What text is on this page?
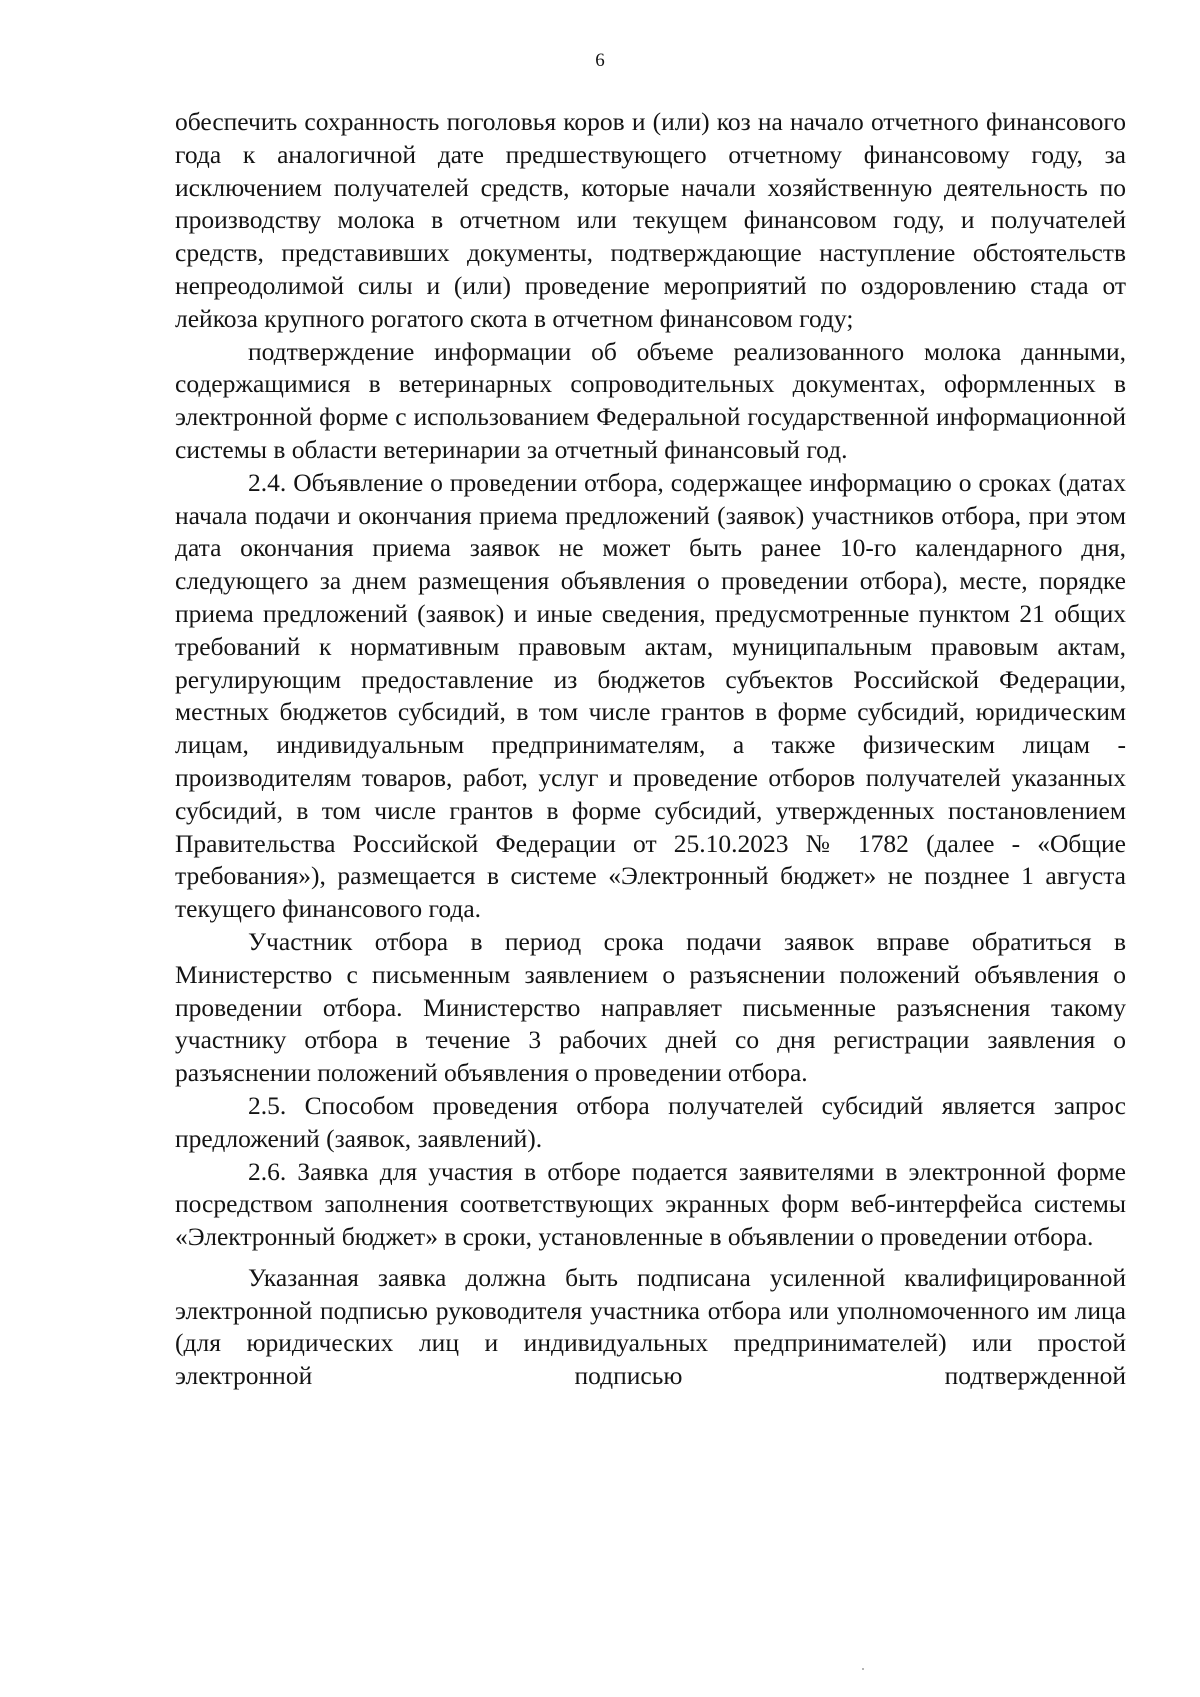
6

обеспечить сохранность поголовья коров и (или) коз на начало отчетного финансового года к аналогичной дате предшествующего отчетному финансовому году, за исключением получателей средств, которые начали хозяйственную деятельность по производству молока в отчетном или текущем финансовом году, и получателей средств, представивших документы, подтверждающие наступление обстоятельств непреодолимой силы и (или) проведение мероприятий по оздоровлению стада от лейкоза крупного рогатого скота в отчетном финансовом году;

подтверждение информации об объеме реализованного молока данными, содержащимися в ветеринарных сопроводительных документах, оформленных в электронной форме с использованием Федеральной государственной информационной системы в области ветеринарии за отчетный финансовый год.

2.4. Объявление о проведении отбора, содержащее информацию о сроках (датах начала подачи и окончания приема предложений (заявок) участников отбора, при этом дата окончания приема заявок не может быть ранее 10-го календарного дня, следующего за днем размещения объявления о проведении отбора), месте, порядке приема предложений (заявок) и иные сведения, предусмотренные пунктом 21 общих требований к нормативным правовым актам, муниципальным правовым актам, регулирующим предоставление из бюджетов субъектов Российской Федерации, местных бюджетов субсидий, в том числе грантов в форме субсидий, юридическим лицам, индивидуальным предпринимателям, а также физическим лицам - производителям товаров, работ, услуг и проведение отборов получателей указанных субсидий, в том числе грантов в форме субсидий, утвержденных постановлением Правительства Российской Федерации от 25.10.2023 № 1782 (далее - «Общие требования»), размещается в системе «Электронный бюджет» не позднее 1 августа текущего финансового года.

Участник отбора в период срока подачи заявок вправе обратиться в Министерство с письменным заявлением о разъяснении положений объявления о проведении отбора. Министерство направляет письменные разъяснения такому участнику отбора в течение 3 рабочих дней со дня регистрации заявления о разъяснении положений объявления о проведении отбора.

2.5. Способом проведения отбора получателей субсидий является запрос предложений (заявок, заявлений).

2.6. Заявка для участия в отборе подается заявителями в электронной форме посредством заполнения соответствующих экранных форм веб-интерфейса системы «Электронный бюджет» в сроки, установленные в объявлении о проведении отбора.

Указанная заявка должна быть подписана усиленной квалифицированной электронной подписью руководителя участника отбора или уполномоченного им лица (для юридических лиц и индивидуальных предпринимателей) или простой электронной подписью подтвержденной
